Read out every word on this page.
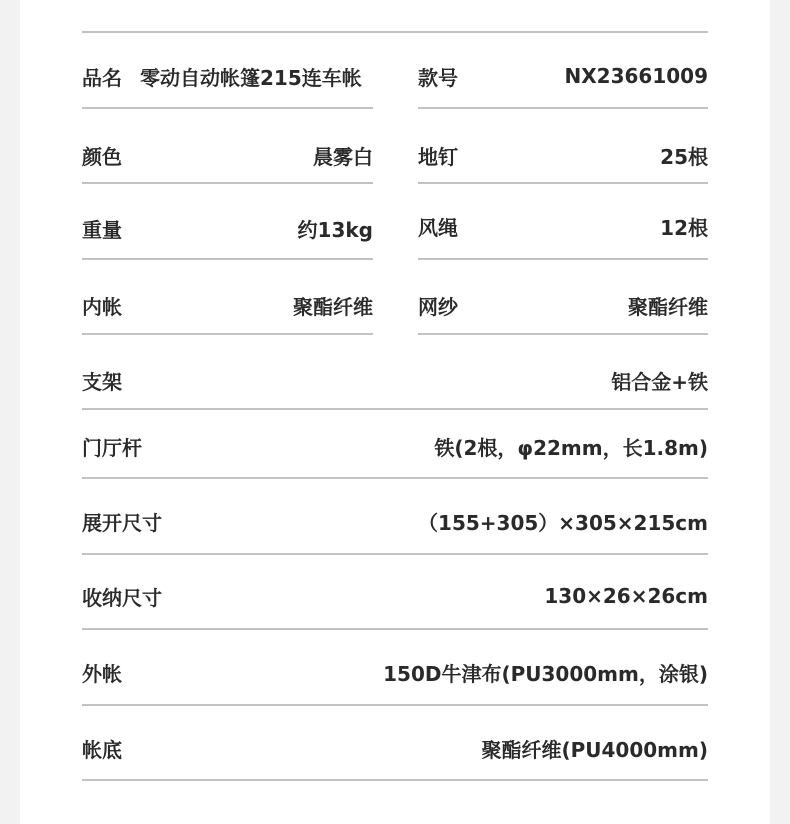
品名 零动自动帐篷215连车帐	款号	NX23661009
颜色	晨雾白 地钉	25根
重量	约13kg 风绳	12根
内帐	聚酯纤维 网纱	聚酯纤维
支架	铝合金+铁
门厅杆	铁(2根，φ22mm，长1.8m)
展开尺寸	（155+305）×305×215cm
收纳尺寸	130×26×26cm
外帐	150D牛津布(PU3000mm，涂银)
帐底	聚酯纤维(PU4000mm)
